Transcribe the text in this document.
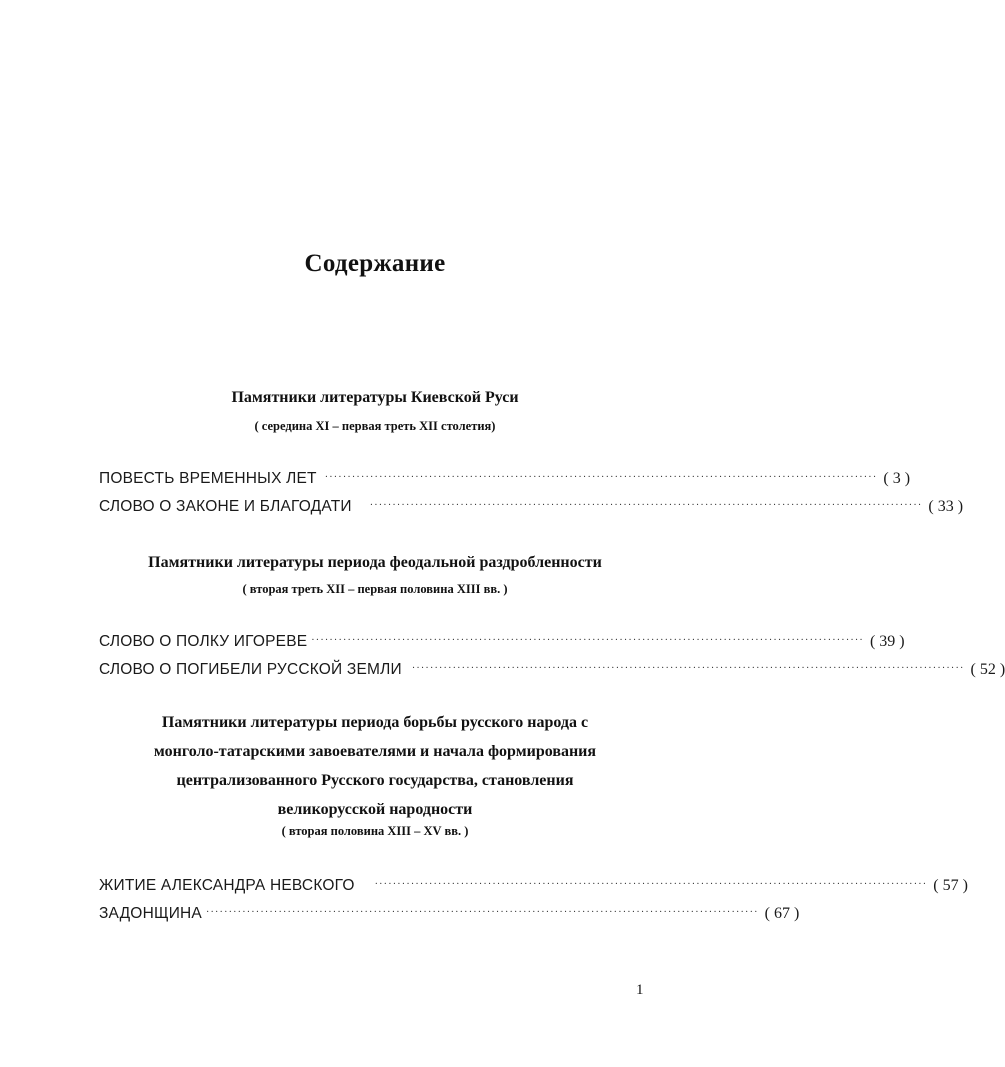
Содержание
Памятники литературы Киевской Руси
( середина XI – первая треть XII столетия)
ПОВЕСТЬ ВРЕМЕННЫХ ЛЕТ ·························································································································· ( 3 )
СЛОВО О ЗАКОНЕ И БЛАГОДАТИ ·························································································································· ( 33 )
Памятники литературы периода феодальной раздробленности
( вторая треть XII – первая половина XIII вв. )
СЛОВО О ПОЛКУ ИГОРЕВЕ ·························································································································· ( 39 )
СЛОВО О ПОГИБЕЛИ РУССКОЙ ЗЕМЛИ ·························································································································· ( 52 )
Памятники литературы периода борьбы русского народа с
монголо-татарскими завоевателями и начала формирования
централизованного Русского государства, становления
великорусской народности
( вторая половина XIII – XV вв. )
ЖИТИЕ АЛЕКСАНДРА НЕВСКОГО ·························································································································· ( 57 )
ЗАДОНЩИНА ·························································································································· ( 67 )
1
